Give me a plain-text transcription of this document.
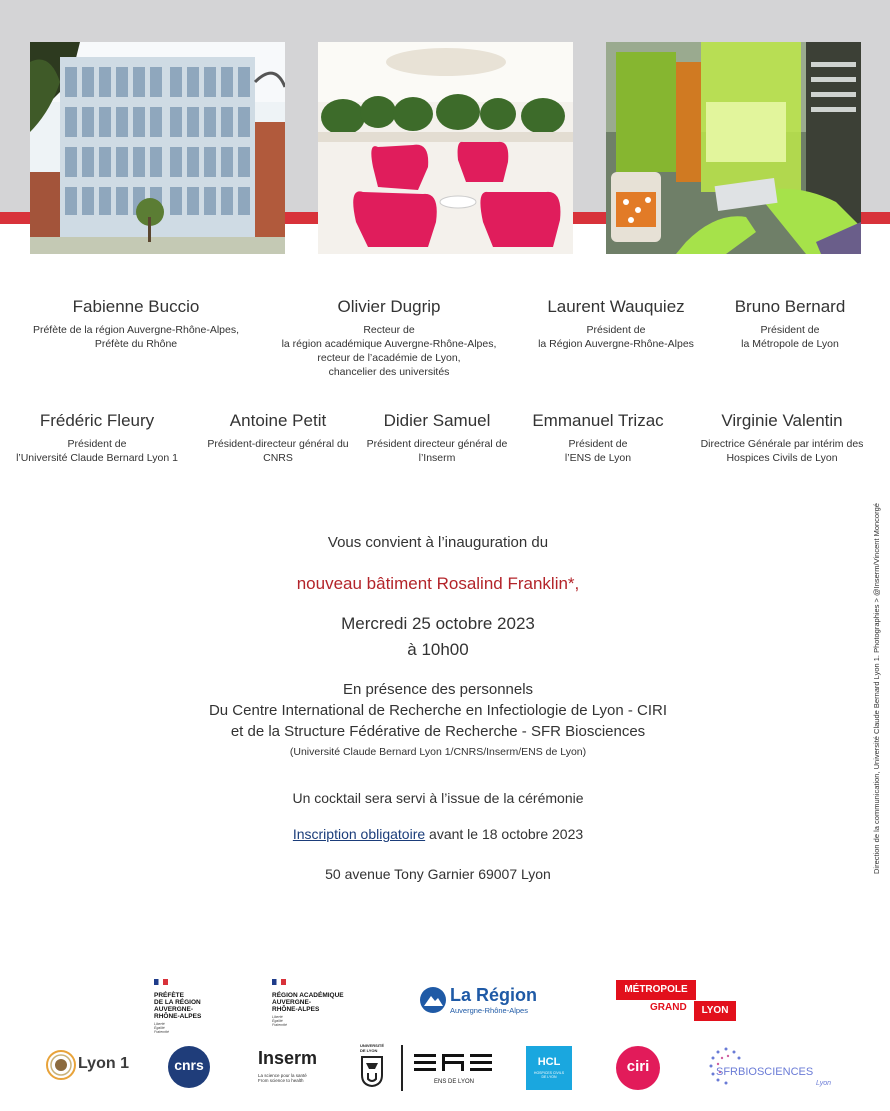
Fabienne Buccio
Préfète de la région Auvergne-Rhône-Alpes,
Préfète du Rhône
Olivier Dugrip
Recteur de
la région académique Auvergne-Rhône-Alpes,
recteur de l’académie de Lyon,
chancelier des universités
Laurent Wauquiez
Président de
la Région Auvergne-Rhône-Alpes
Bruno Bernard
Président de
la Métropole de Lyon
Frédéric Fleury
Président de
l’Université Claude Bernard Lyon 1
Antoine Petit
Président-directeur général du
CNRS
Didier Samuel
Président directeur général de
l’Inserm
Emmanuel Trizac
Président de
l’ENS de Lyon
Virginie Valentin
Directrice Générale par intérim des
Hospices Civils de Lyon
Vous convient à l’inauguration du
nouveau bâtiment Rosalind Franklin*,
Mercredi 25 octobre 2023
à 10h00
En présence des personnels
Du Centre International de Recherche en Infectiologie de Lyon - CIRI
et de la Structure Fédérative de Recherche - SFR Biosciences
(Université Claude Bernard Lyon 1/CNRS/Inserm/ENS de Lyon)
Un cocktail sera servi à l’issue de la cérémonie
Inscription obligatoire avant le 18 octobre 2023
50 avenue Tony Garnier 69007 Lyon	Direction de la communication, Université Claude Bernard Lyon 1. Photographies > @Inserm/Vincent Moncorgé
PRÉFÈTE
DE LA RÉGION
AUVERGNE-
RHÔNE-ALPES
Liberté
Égalité
Fraternité
RÉGION ACADÉMIQUE
AUVERGNE-
RHÔNE-ALPES
Liberté
Égalité
Fraternité
La Région
Auvergne-Rhône-Alpes
MÉTROPOLE
GRAND	LYON
Lyon 1	cnrs	Inserm
La science pour la santé
From science to health
UNIVERSITÉ
DE LYON
ENS DE LYON
HCL
HOSPICES CIVILS
DE LYON
ciri	SFRBIOSCIENCES
Lyon
